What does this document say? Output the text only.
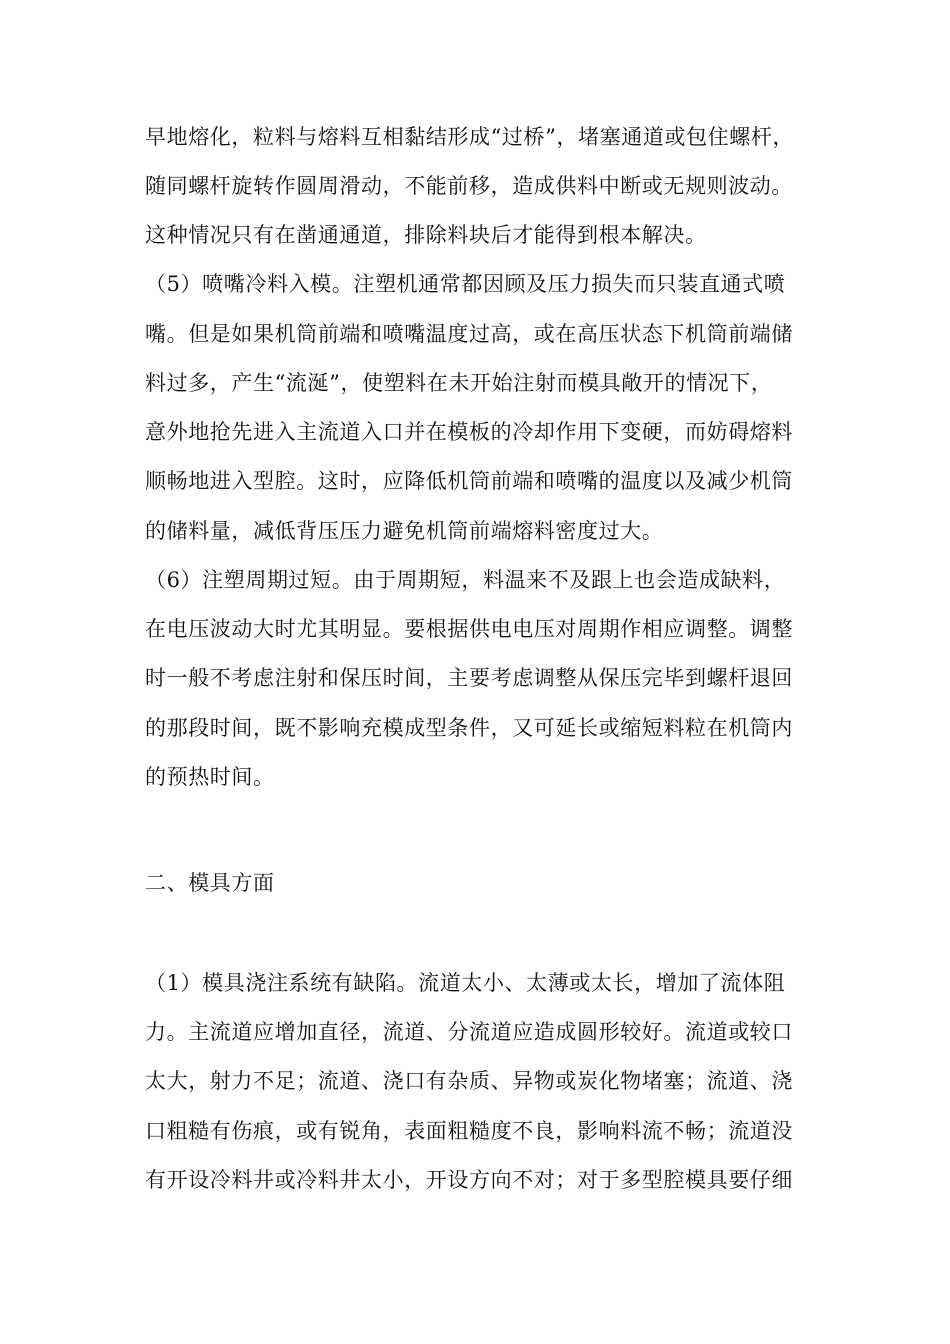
早地熔化，粒料与熔料互相黏结形成“过桥”，堵塞通道或包住螺杆，
随同螺杆旋转作圆周滑动，不能前移，造成供料中断或无规则波动。
这种情况只有在凿通通道，排除料块后才能得到根本解决。
（5）喷嘴冷料入模。注塑机通常都因顾及压力损失而只装直通式喷
嘴。但是如果机筒前端和喷嘴温度过高，或在高压状态下机筒前端储
料过多，产生“流涎”，使塑料在未开始注射而模具敞开的情况下，
意外地抢先进入主流道入口并在模板的冷却作用下变硬，而妨碍熔料
顺畅地进入型腔。这时，应降低机筒前端和喷嘴的温度以及减少机筒
的储料量，减低背压压力避免机筒前端熔料密度过大。
（6）注塑周期过短。由于周期短，料温来不及跟上也会造成缺料，
在电压波动大时尤其明显。要根据供电电压对周期作相应调整。调整
时一般不考虑注射和保压时间，主要考虑调整从保压完毕到螺杆退回
的那段时间，既不影响充模成型条件，又可延长或缩短料粒在机筒内
的预热时间。
二、模具方面
（1）模具浇注系统有缺陷。流道太小、太薄或太长，增加了流体阻
力。主流道应增加直径，流道、分流道应造成圆形较好。流道或较口
太大，射力不足；流道、浇口有杂质、异物或炭化物堵塞；流道、浇
口粗糙有伤痕，或有锐角，表面粗糙度不良，影响料流不畅；流道没
有开设冷料井或冷料井太小，开设方向不对；对于多型腔模具要仔细
